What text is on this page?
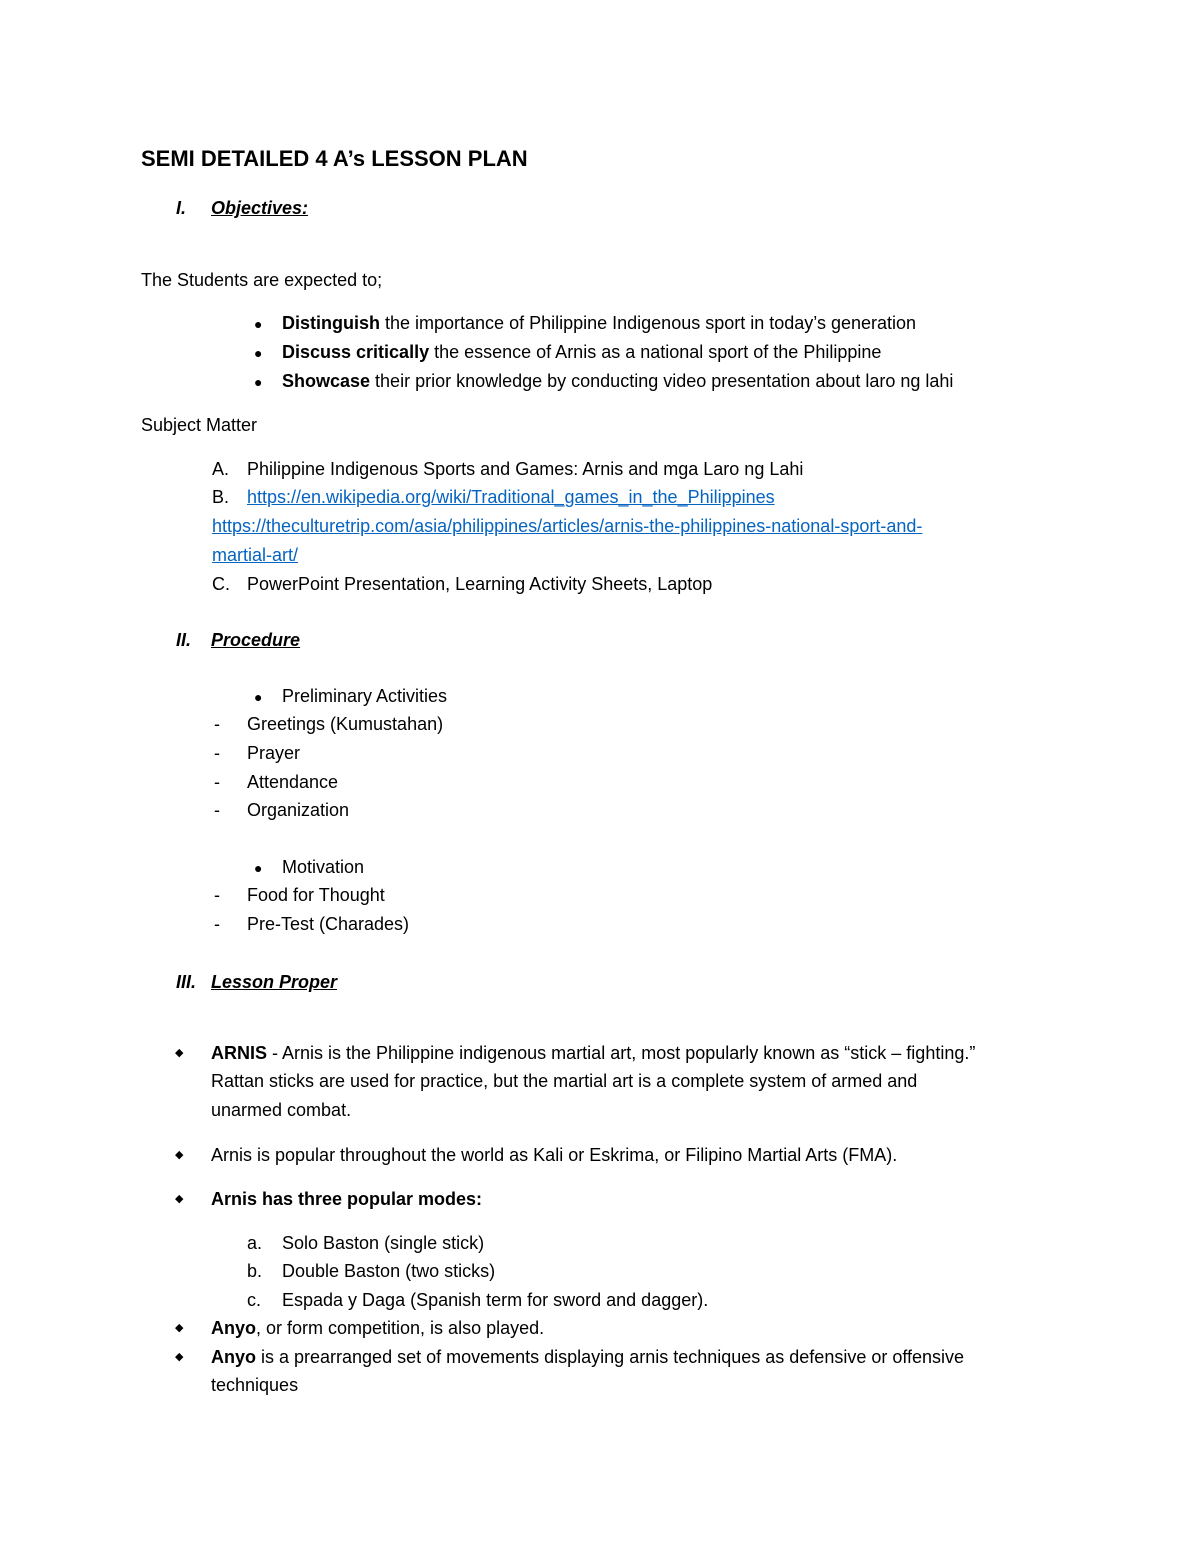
SEMI DETAILED 4 A’s LESSON PLAN
I. Objectives:
The Students are expected to;
● Distinguish the importance of Philippine Indigenous sport in today’s generation
● Discuss critically the essence of Arnis as a national sport of the Philippine
● Showcase their prior knowledge by conducting video presentation about laro ng lahi
Subject Matter
A. Philippine Indigenous Sports and Games: Arnis and mga Laro ng Lahi
B. https://en.wikipedia.org/wiki/Traditional_games_in_the_Philippines
https://theculturetrip.com/asia/philippines/articles/arnis-the-philippines-national-sport-and-
martial-art/
C. PowerPoint Presentation, Learning Activity Sheets, Laptop
II. Procedure
● Preliminary Activities
- Greetings (Kumustahan)
- Prayer
- Attendance
- Organization
● Motivation
- Food for Thought
- Pre-Test (Charades)
III. Lesson Proper
◆ ARNIS - Arnis is the Philippine indigenous martial art, most popularly known as “stick – fighting.”
Rattan sticks are used for practice, but the martial art is a complete system of armed and
unarmed combat.
◆ Arnis is popular throughout the world as Kali or Eskrima, or Filipino Martial Arts (FMA).
◆ Arnis has three popular modes:
a. Solo Baston (single stick)
b. Double Baston (two sticks)
c. Espada y Daga (Spanish term for sword and dagger).
◆ Anyo, or form competition, is also played.
◆ Anyo is a prearranged set of movements displaying arnis techniques as defensive or offensive
techniques
